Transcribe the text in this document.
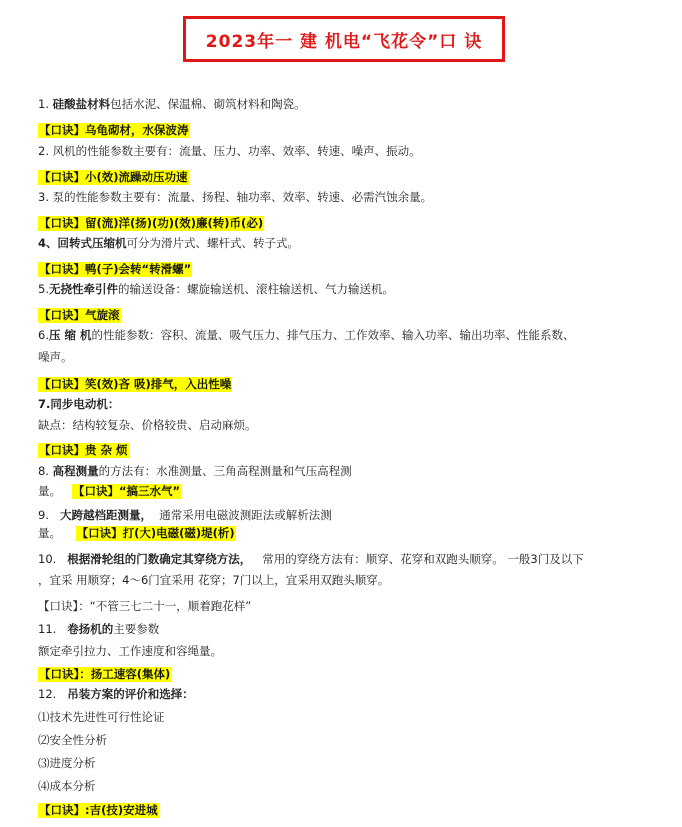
2023年一 建 机电“飞花令”口 诀

1. 硅酸盐材料包括水泥、保温棉、砌筑材料和陶瓷。

【口诀】乌龟砌材，水保波涛

2. 风机的性能参数主要有：流量、压力、功率、效率、转速、噪声、振动。

【口诀】小(效)流躁动压功速

3. 泵的性能参数主要有：流量、扬程、轴功率、效率、转速、必需汽蚀余量。

【口诀】留(流)洋(扬)(功)(效)廉(转)币(必)

4、回转式压缩机可分为滑片式、螺杆式、转子式。

【口诀】鸭(子)会转“转滑螺”

5.无挠性牵引件的输送设备：螺旋输送机、滚柱输送机、气力输送机。

【口诀】气旋滚

6.压 缩 机的性能参数：容积、流量、吸气压力、排气压力、工作效率、输入功率、输出功率、性能系数、

噪声。

【口诀】笑(效)吝 吸)排气，入出性噪

7.同步电动机：

缺点：结构较复杂、价格较贵、启动麻烦。

【口诀】贵 杂 烦

8. 高程测量的方法有：水准测量、三角高程测量和气压高程测

量。 【口诀】“搞三水气”

9. 大跨越档距测量， 通常采用电磁波测距法或解析法测

量。 【口诀】打(大)电磁(磁)堤(析)

10. 根据滑轮组的门数确定其穿绕方法， 常用的穿绕方法有：顺穿、花穿和双跑头顺穿。 一般3门及以下

，宜采 用顺穿；4～6门宜采用 花穿；7门以上，宜采用双跑头顺穿。

【口诀】：“不管三七二十一，顺着跑花样”

11. 卷扬机的主要参数

额定牵引拉力、工作速度和容绳量。

【口诀】：扬工速容(集体)

12. 吊装方案的评价和选择：

⑴技术先进性可行性论证

⑵安全性分析

⑶进度分析

⑷成本分析

【口诀】:吉(技)安进城
